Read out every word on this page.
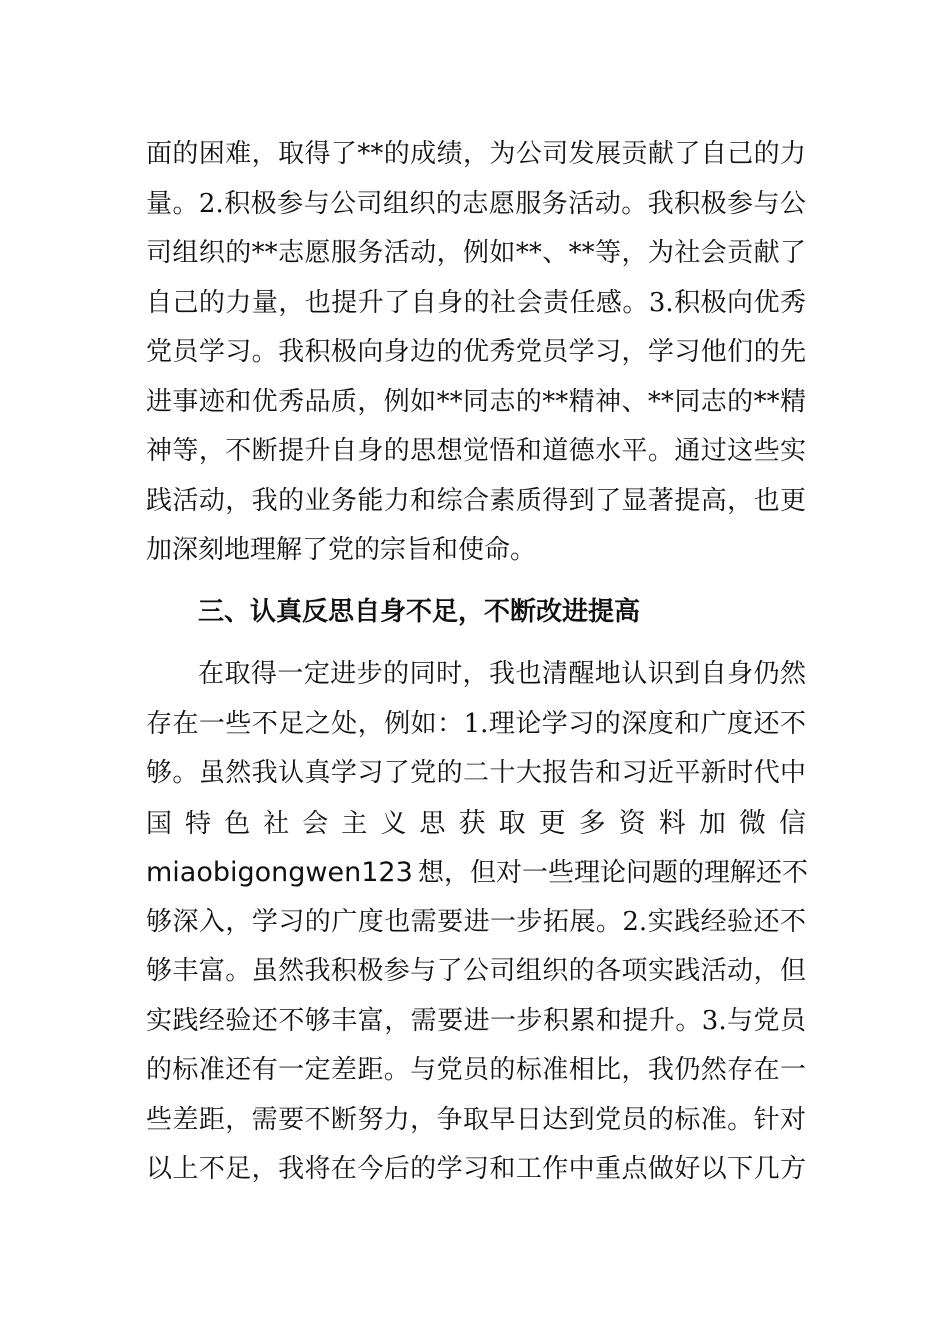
面的困难，取得了**的成绩，为公司发展贡献了自己的力
量。2.积极参与公司组织的志愿服务活动。我积极参与公
司组织的**志愿服务活动，例如**、**等，为社会贡献了
自己的力量，也提升了自身的社会责任感。3.积极向优秀
党员学习。我积极向身边的优秀党员学习，学习他们的先
进事迹和优秀品质，例如**同志的**精神、**同志的**精
神等，不断提升自身的思想觉悟和道德水平。通过这些实
践活动，我的业务能力和综合素质得到了显著提高，也更
加深刻地理解了党的宗旨和使命。
三、认真反思自身不足，不断改进提高
在取得一定进步的同时，我也清醒地认识到自身仍然
存在一些不足之处，例如：1.理论学习的深度和广度还不
够。虽然我认真学习了党的二十大报告和习近平新时代中
国特色社会主义思获取更多资料加微信
miaobigongwen123  想，但对一些理论问题的理解还不
够深入，学习的广度也需要进一步拓展。2.实践经验还不
够丰富。虽然我积极参与了公司组织的各项实践活动，但
实践经验还不够丰富，需要进一步积累和提升。3.与党员
的标准还有一定差距。与党员的标准相比，我仍然存在一
些差距，需要不断努力，争取早日达到党员的标准。针对
以上不足，我将在今后的学习和工作中重点做好以下几方
